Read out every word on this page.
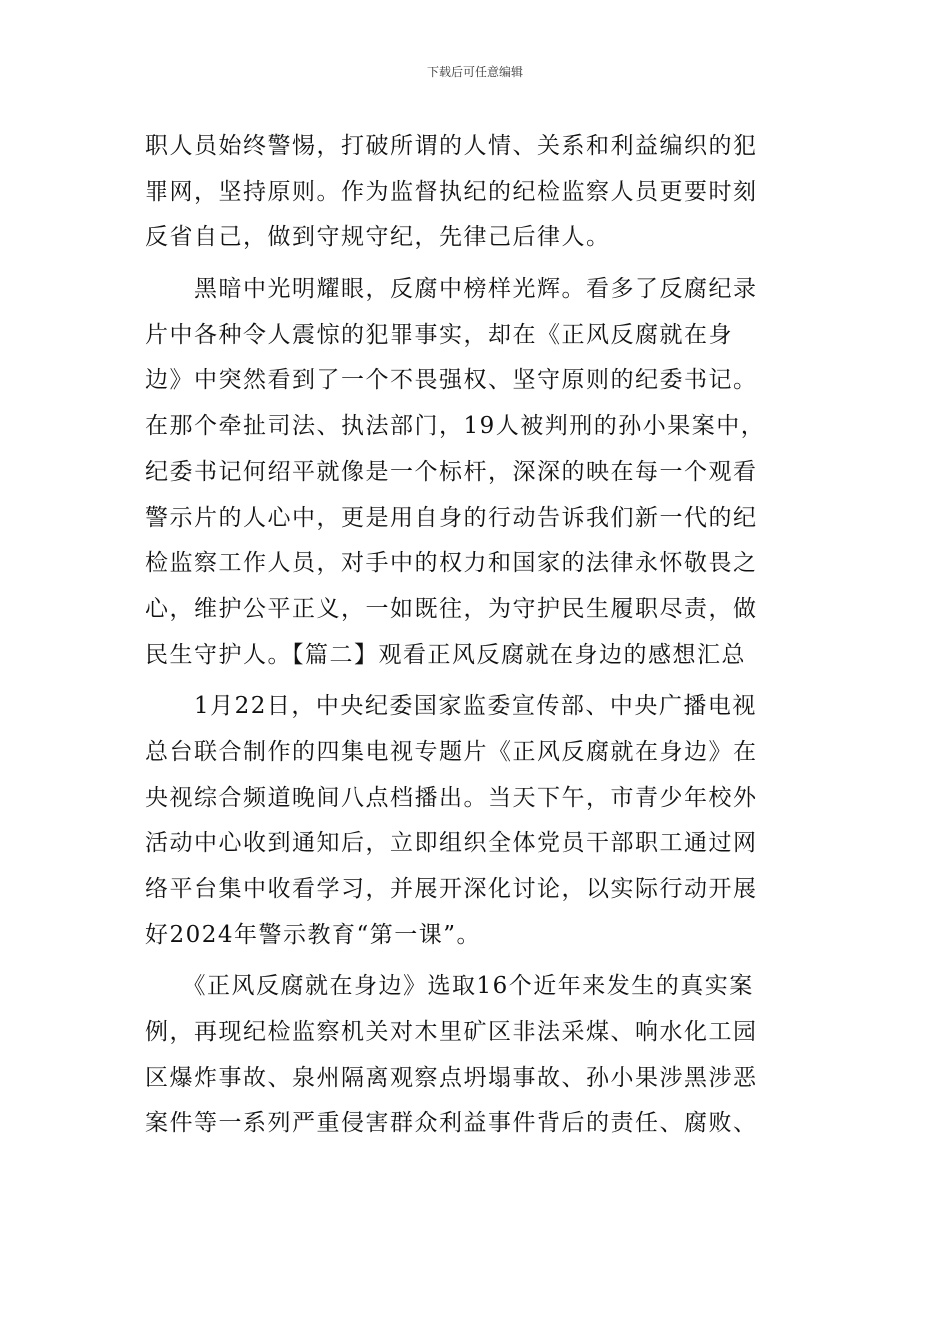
下载后可任意编辑
职人员始终警惕，打破所谓的人情、关系和利益编织的犯
罪网，坚持原则。作为监督执纪的纪检监察人员更要时刻
反省自己，做到守规守纪，先律己后律人。
　　黑暗中光明耀眼，反腐中榜样光辉。看多了反腐纪录
片中各种令人震惊的犯罪事实，却在《正风反腐就在身
边》中突然看到了一个不畏强权、坚守原则的纪委书记。
在那个牵扯司法、执法部门，19人被判刑的孙小果案中，
纪委书记何绍平就像是一个标杆，深深的映在每一个观看
警示片的人心中，更是用自身的行动告诉我们新一代的纪
检监察工作人员，对手中的权力和国家的法律永怀敬畏之
心，维护公平正义，一如既往，为守护民生履职尽责，做
民生守护人。【篇二】观看正风反腐就在身边的感想汇总
　　1月22日，中央纪委国家监委宣传部、中央广播电视
总台联合制作的四集电视专题片《正风反腐就在身边》在
央视综合频道晚间八点档播出。当天下午，市青少年校外
活动中心收到通知后，立即组织全体党员干部职工通过网
络平台集中收看学习，并展开深化讨论，以实际行动开展
好2024年警示教育“第一课”。
　　《正风反腐就在身边》选取16个近年来发生的真实案
例，再现纪检监察机关对木里矿区非法采煤、响水化工园
区爆炸事故、泉州隔离观察点坍塌事故、孙小果涉黑涉恶
案件等一系列严重侵害群众利益事件背后的责任、腐败、
